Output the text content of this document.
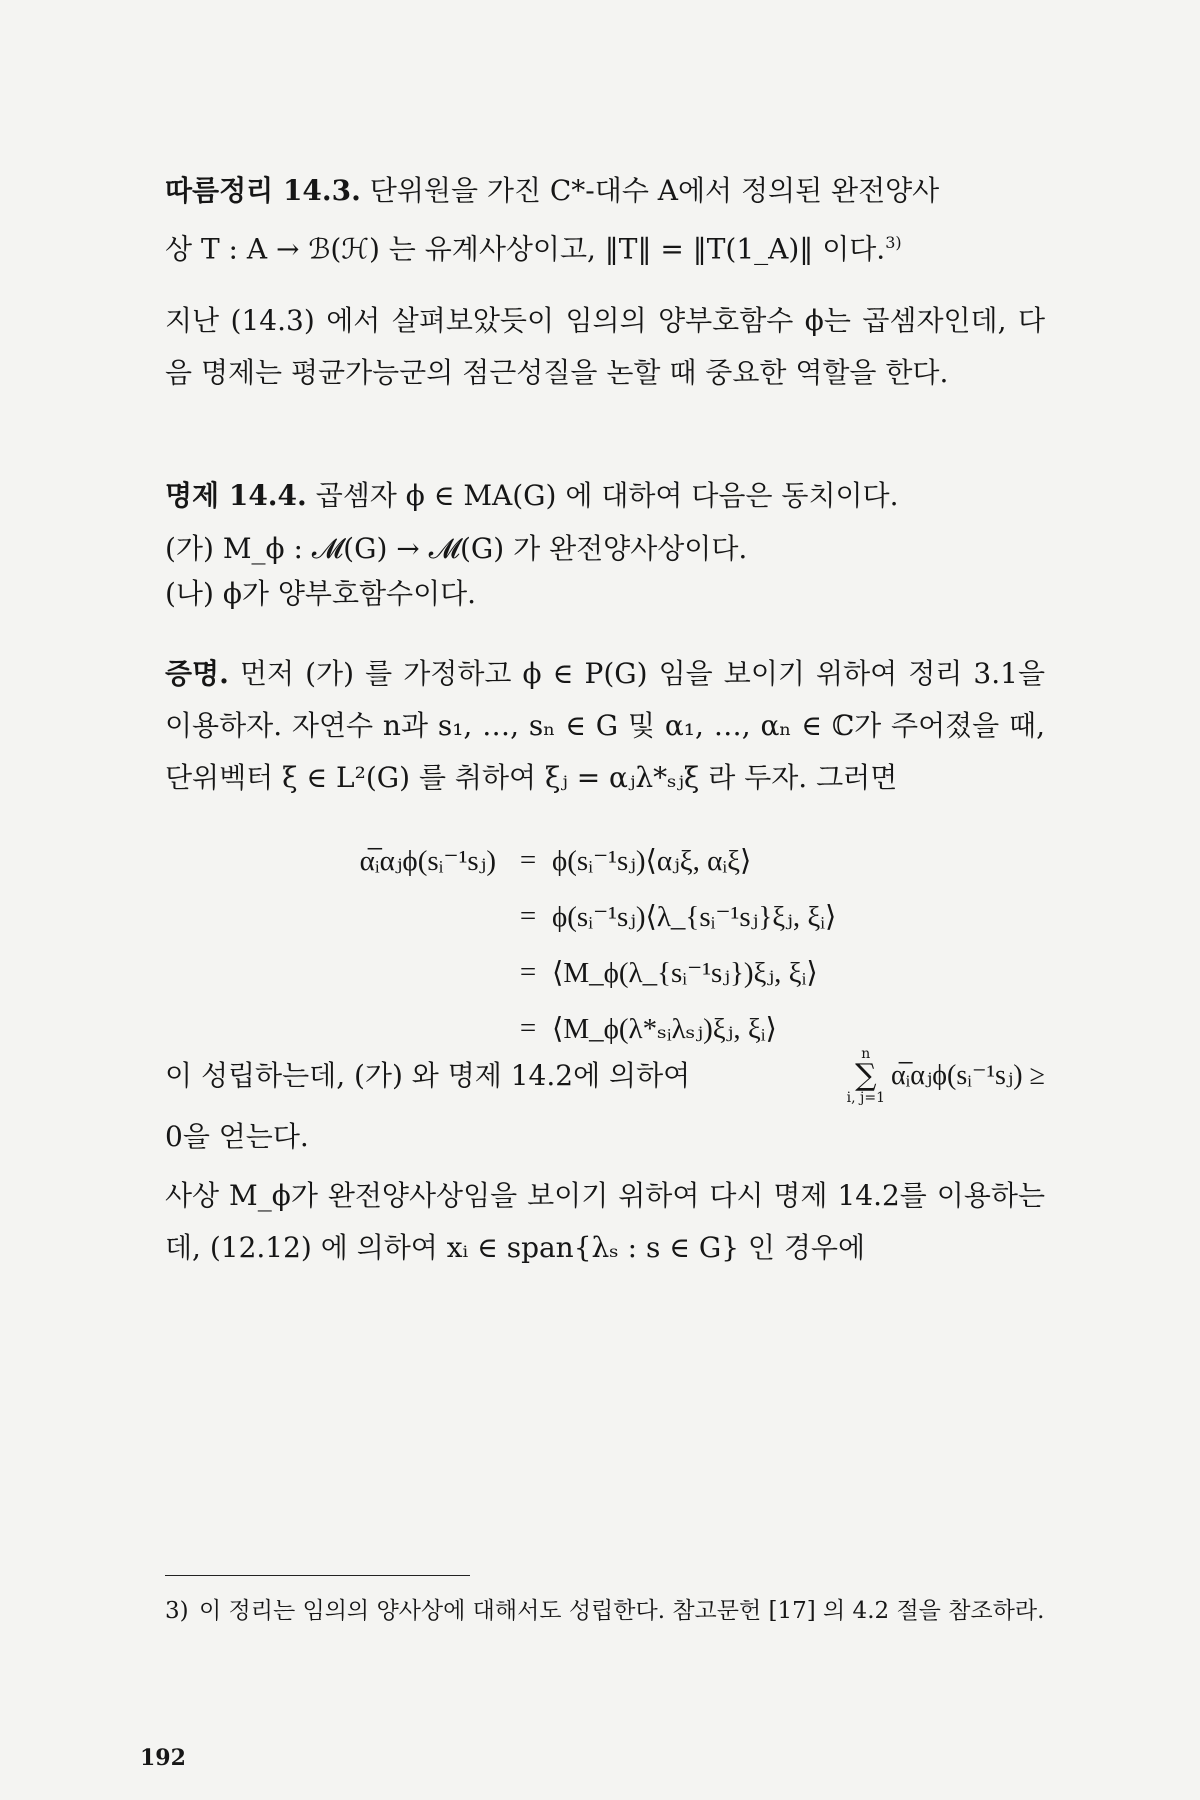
따름정리 14.3. 단위원을 가진 C*-대수 A에서 정의된 완전양사
상 T : A → ℬ(ℋ) 는 유계사상이고, ‖T‖ = ‖T(1_A)‖ 이다.$^{3)}$
지난 (14.3) 에서 살펴보았듯이 임의의 양부호함수 ϕ는 곱셈자인데, 다음 명제는 평균가능군의 점근성질을 논할 때 중요한 역할을 한다.
명제 14.4. 곱셈자 ϕ ∈ MA(G) 에 대하여 다음은 동치이다.
(가) M_ϕ : 𝓜(G) → 𝓜(G) 가 완전양사상이다.
(나) ϕ가 양부호함수이다.
증명. 먼저 (가) 를 가정하고 ϕ ∈ P(G) 임을 보이기 위하여 정리 3.1을 이용하자. 자연수 n과 s₁, …, sₙ ∈ G 및 α₁, …, αₙ ∈ ℂ가 주어졌을 때, 단위벡터 ξ ∈ L²(G) 를 취하여 ξⱼ = αⱼλ*ₛⱼξ 라 두자. 그러면
α̅ᵢαⱼϕ(sᵢ⁻¹sⱼ) = ϕ(sᵢ⁻¹sⱼ)⟨αⱼξ, αᵢξ⟩
= ϕ(sᵢ⁻¹sⱼ)⟨λ_{sᵢ⁻¹sⱼ}ξⱼ, ξᵢ⟩
= ⟨M_ϕ(λ_{sᵢ⁻¹sⱼ})ξⱼ, ξᵢ⟩
= ⟨M_ϕ(λ*ₛᵢλₛⱼ)ξⱼ, ξᵢ⟩
이 성립하는데, (가) 와 명제 14.2에 의하여
n
∑
i, j=1
α̅ᵢαⱼϕ(sᵢ⁻¹sⱼ) ≥
0을 얻는다.
사상 M_ϕ가 완전양사상임을 보이기 위하여 다시 명제 14.2를 이용하는데, (12.12) 에 의하여 xᵢ ∈ span{λₛ : s ∈ G} 인 경우에
3) 이 정리는 임의의 양사상에 대해서도 성립한다. 참고문헌 [17] 의 4.2 절을 참조하라.
192
